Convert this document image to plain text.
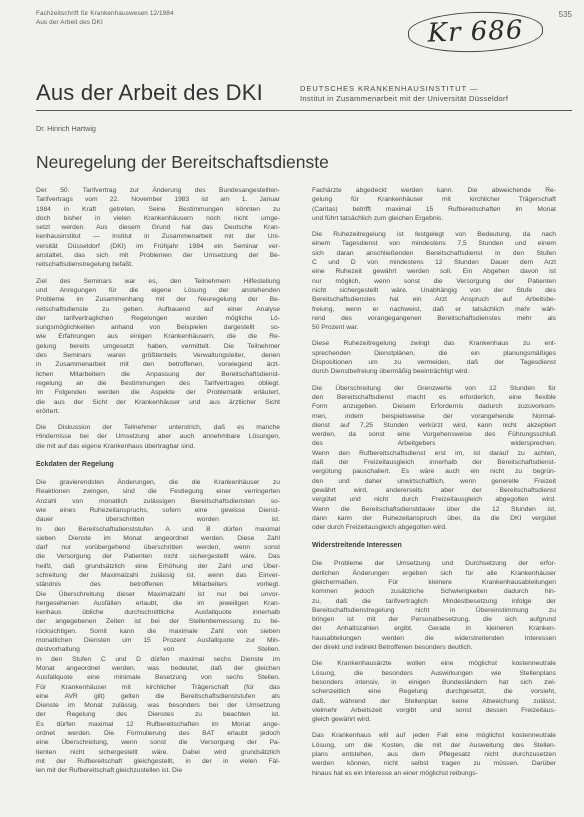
Fachzeitschrift für Krankenhauswesen 12/1984
Aus der Arbeit des DKI
535
Kr 686
Aus der Arbeit des DKI	DEUTSCHES KRANKENHAUSINSTITUT —
Institut in Zusammenarbeit mit der Universität Düsseldorf
Dr. Hinrich Hartwig
Neuregelung der Bereitschaftsdienste
Der 50. Tarifvertrag zur Änderung des Bundesangestellten-
Tarifvertrags vom 22. November 1983 ist am 1. Januar
1984 in Kraft getreten. Seine Bestimmungen könnten zu
doch bisher in vielen Krankenhäusern noch nicht umge-
setzt werden. Aus diesem Grund hat das Deutsche Kran-
kenhausinstitut — Institut in Zusammenarbeit mit der Uni-
versität Düsseldorf (DKI) im Frühjahr 1984 ein Seminar ver-
anstaltet, das sich mit Problemen der Umsetzung der Be-
reitschaftsdienstregelung befaßt.
Ziel des Seminars war es, den Teilnehmern Hilfestellung
und Anregungen für die eigene Lösung der anstehenden
Probleme im Zusammenhang mit der Neuregelung der Be-
reitschaftsdienste zu geben. Aufbauend auf einer Analyse
der tarifvertraglichen Regelungen wurden mögliche Lö-
sungsmöglichkeiten anhand von Beispielen dargestellt so-
wie Erfahrungen aus einigen Krankenhäusern, die die Re-
gelung bereits umgesetzt haben, vermittelt. Die Teilnehmer
des Seminars waren größtenteils Verwaltungsleiter, denen
in Zusammenarbeit mit den betroffenen, vorwiegend ärzt-
lichen Mitarbeitern die Anpassung der Bereitschaftsdienst-
regelung an die Bestimmungen des Tarifvertrages obliegt.
Im Folgenden werden die Aspekte der Problematik erläutert,
die aus der Sicht der Krankenhäuser und aus ärztlicher Sicht
erörtert.
Die Diskussion der Teilnehmer unterstrich, daß es manche
Hindernisse bei der Umsetzung aber auch annehmbare Lösungen,
die mit auf das eigene Krankenhaus übertragbar sind.
Eckdaten der Regelung
Die gravierendsten Änderungen, die die Krankenhäuser zu
Reaktionen zwingen, sind die Festlegung einer verringerten
Anzahl von monatlich zulässigen Bereitschaftsdiensten so-
wie eines Ruhezeitanspruchs, sofern eine gewisse Dienst-
dauer überschritten worden ist.
In den Bereitschaftsdienststufen A und B dürfen maximal
sieben Dienste im Monat angeordnet werden. Diese Zahl
darf nur vorübergehend überschritten werden, wenn sonst
die Versorgung der Patienten nicht sichergestellt wäre. Das
heißt, daß grundsätzlich eine Erhöhung der Zahl und Über-
schreitung der Maximalzahl zulässig ist, wenn das Einver-
ständnis des betroffenen Mitarbeiters vorliegt.
Die Überschreitung dieser Maximalzahl ist nur bei unvor-
hergesehenen Ausfällen erlaubt, die im jeweiligen Kran-
kenhaus übliche durchschnittliche Ausfallquote innerhalb
der angegebenen Zeiten ist bei der Stellenbemessung zu be-
rücksichtigen. Somit kann die maximale Zahl von sieben
monatlichen Diensten um 15 Prozent Ausfallquote zur Min-
destvorhaltung von Stellen.
In den Stufen C und D dürfen maximal sechs Dienste im
Monat angeordnet werden, was bedeutet, daß der gleichen
Ausfallquote eine minimale Besetzung von sechs Stellen.
Für Krankenhäuser mit kirchlicher Trägerschaft (für das
eine AVR gilt) gelten die Bereitschaftsdienststufen als
Dienste im Monat zulässig, was besonders bei der Umsetzung
der Regelung des Dienstes zu beachten ist.
Es dürfen maximal 12 Rufbereitschaften im Monat ange-
ordnet werden. Die Formulierung des BAT erlaubt jedoch
eine Überschreitung, wenn sonst die Versorgung der Pa-
tienten nicht sichergestellt wäre. Dabei wird grundsätzlich
mit der Rufbereitschaft gleichgestellt, in der in vielen Fäl-
len mit der Rufbereitschaft gleichzustellen ist. Die
Fachärzte abgedeckt werden kann. Die abweichende Re-
gelung für Krankenhäuser mit kirchlicher Trägerschaft
(Caritas) betrifft maximal 15 Rufbereitschaften im Monat
und führt tatsächlich zum gleichen Ergebnis.
Die Ruhezeitregelung ist festgelegt von Bedeutung, da nach
einem Tagesdienst von mindestens 7,5 Stunden und einem
sich daran anschließenden Bereitschaftsdienst in den Stufen
C und D von mindestens 12 Stunden Dauer dem Arzt
eine Ruhezeit gewährt werden soll. Ein Abgehen davon ist
nur möglich, wenn sonst die Versorgung der Patienten
nicht sichergestellt wäre. Unabhängig von der Stufe des
Bereitschaftsdienstes hat ein Arzt Anspruch auf Arbeitsbe-
freiung, wenn er nachweist, daß er tatsächlich mehr wäh-
rend des vorangegangenen Bereitschaftsdienstes mehr als
50 Prozent war.
Diese Ruhezeitregelung zwingt das Krankenhaus zu ent-
sprechenden Dienstplänen, die ein planungsmäßiges
Dispositionen um zu vermeiden, daß der Tagesdienst
durch Dienstbefreiung übermäßig beeinträchtigt wird.
Die Überschreitung der Grenzwerte von 12 Stunden für
den Bereitschaftsdienst macht es erforderlich, eine flexible
Form anzugeben. Diesem Erfordernis dadurch zuzuvorkom-
men, indem beispielsweise der vorangehende Normal-
dienst auf 7,25 Stunden verkürzt wird, kann nicht akzeptiert
werden, da sonst eine Vorgehensweise des Führungsschluß
des Arbeitgebers widersprechen.
Wenn den Rufbereitschaftsdienst erst im, ist darauf zu achten,
daß der Freizeitausgleich innerhalb der Bereitschaftsdienst-
vergütung pauschaliert. Es wäre auch ein nicht zu begrün-
den und daher unwirtschaftlich, wenn generelle Freizeit
gewährt wird, andererseits aber der Bereitschaftsdienst
vergütet und nicht durch Freizeitausgleich abgegolten wird.
Wenn die Bereitschaftsdienstdauer über die 12 Stunden ist,
dann kann der Ruhezeitanspruch über, da die DKI vergütet
oder durch Freizeitausgleich abgegolten wird.
Widerstreitende Interessen
Die Probleme der Umsetzung und Durchsetzung der erfor-
derlichen Änderungen ergeben sich für alle Krankenhäuser
gleichermaßen. Für kleinere Krankenhausabteilungen
kommen jedoch zusätzliche Schwierigkeiten dadurch hin-
zu, daß die tarifvertraglich Mindestbesetzung infolge der
Bereitschaftsdienstregelung nicht in Übereinstimmung zu
bringen ist mit der Personalbesetzung, die sich aufgrund
der Anhaltszahlen ergibt. Gerade in kleineren Kranken-
hausabteilungen werden die widerstreitenden Interessen
der direkt und indirekt Betroffenen besonders deutlich.
Die Krankenhausärzte wollen eine möglichst kostenneutrale
Lösung, die besonders Auswirkungen wie Stellenplans
besonders intensiv, in einigen Bundesländern hat sich zwi-
schenzeitlich eine Regelung durchgesetzt, die vorsieht,
daß, während der Stellenplan keine Abweichung zulässt,
vielmehr Arbeitszeit vorgibt und sonst dessen Freizeitaus-
gleich gewährt wird.
Das Krankenhaus will auf jeden Fall eine möglichst kostenneutrale
Lösung, um die Kosten, die mit der Ausweitung des Stellen-
plans entstehen, aus dem Pflegesatz nicht durchzusetzen
werden können, nicht selbst tragen zu müssen. Darüber
hinaus hat es ein Interesse an einer möglichst reibungs-
